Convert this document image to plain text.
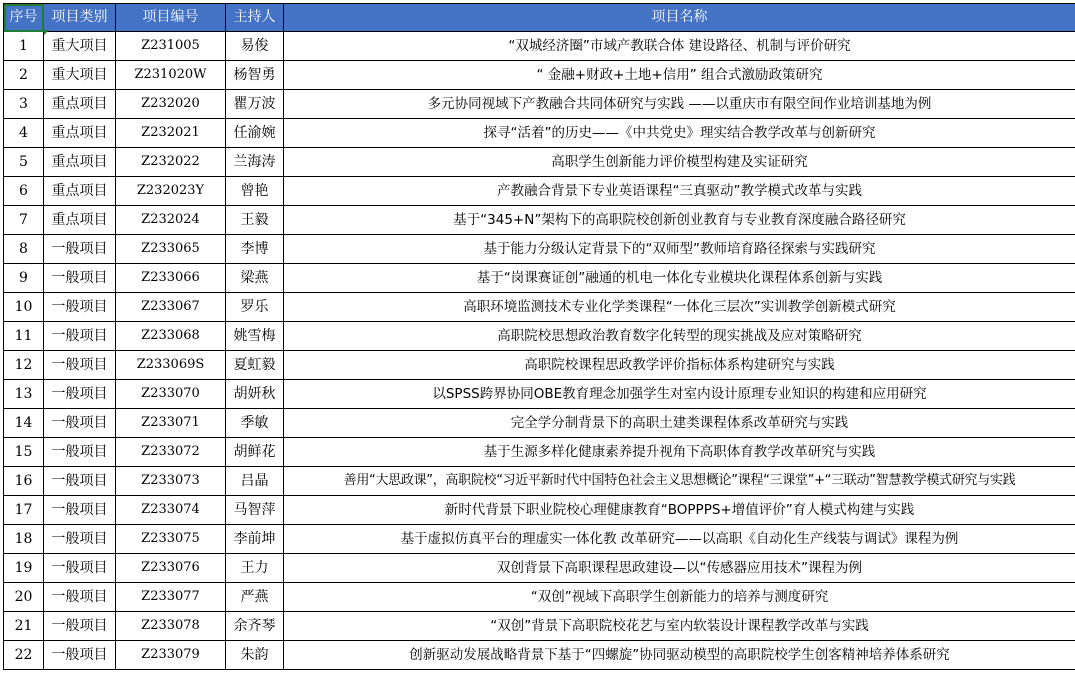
序号	项目类别	项目编号	主持人	项目名称
1	重大项目	Z231005	易俊	“双城经济圈”市域产教联合体 建设路径、机制与评价研究
2	重大项目	Z231020W	杨智勇	“ 金融+财政+土地+信用” 组合式激励政策研究
3	重点项目	Z232020	瞿万波	多元协同视域下产教融合共同体研究与实践 ——以重庆市有限空间作业培训基地为例
4	重点项目	Z232021	任渝婉	探寻“活着”的历史——《中共党史》理实结合教学改革与创新研究
5	重点项目	Z232022	兰海涛	高职学生创新能力评价模型构建及实证研究
6	重点项目	Z232023Y	曾艳	产教融合背景下专业英语课程“三真驱动”教学模式改革与实践
7	重点项目	Z232024	王毅	基于“345+N”架构下的高职院校创新创业教育与专业教育深度融合路径研究
8	一般项目	Z233065	李博	基于能力分级认定背景下的“双师型”教师培育路径探索与实践研究
9	一般项目	Z233066	梁燕	基于“岗课赛证创”融通的机电一体化专业模块化课程体系创新与实践
10	一般项目	Z233067	罗乐	高职环境监测技术专业化学类课程“一体化三层次”实训教学创新模式研究
11	一般项目	Z233068	姚雪梅	高职院校思想政治教育数字化转型的现实挑战及应对策略研究
12	一般项目	Z233069S	夏虹毅	高职院校课程思政教学评价指标体系构建研究与实践
13	一般项目	Z233070	胡妍秋	以SPSS跨界协同OBE教育理念加强学生对室内设计原理专业知识的构建和应用研究
14	一般项目	Z233071	季敏	完全学分制背景下的高职土建类课程体系改革研究与实践
15	一般项目	Z233072	胡鲜花	基于生源多样化健康素养提升视角下高职体育教学改革研究与实践
16	一般项目	Z233073	吕晶	善用“大思政课”，高职院校“习近平新时代中国特色社会主义思想概论”课程“三课堂”+“三联动”智慧教学模式研究与实践
17	一般项目	Z233074	马智萍	新时代背景下职业院校心理健康教育“BOPPPS+增值评价”育人模式构建与实践
18	一般项目	Z233075	李前坤	基于虚拟仿真平台的理虚实一体化教 改革研究——以高职《自动化生产线装与调试》课程为例
19	一般项目	Z233076	王力	双创背景下高职课程思政建设—以“传感器应用技术”课程为例
20	一般项目	Z233077	严燕	“双创”视域下高职学生创新能力的培养与测度研究
21	一般项目	Z233078	余齐琴	“双创”背景下高职院校花艺与室内软装设计课程教学改革与实践
22	一般项目	Z233079	朱韵	创新驱动发展战略背景下基于“四螺旋”协同驱动模型的高职院校学生创客精神培养体系研究
